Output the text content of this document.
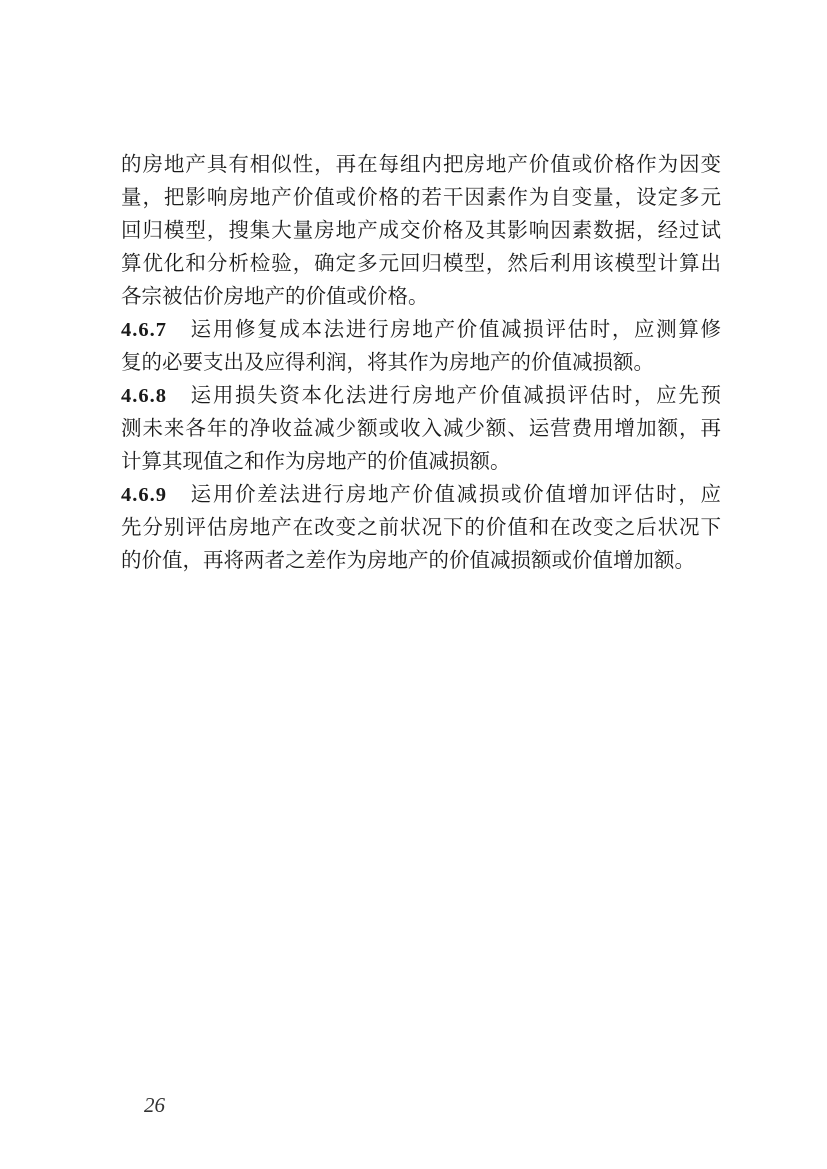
的房地产具有相似性，再在每组内把房地产价值或价格作为因变
量，把影响房地产价值或价格的若干因素作为自变量，设定多元
回归模型，搜集大量房地产成交价格及其影响因素数据，经过试
算优化和分析检验，确定多元回归模型，然后利用该模型计算出
各宗被估价房地产的价值或价格。
4.6.7 运用修复成本法进行房地产价值减损评估时，应测算修
复的必要支出及应得利润，将其作为房地产的价值减损额。
4.6.8 运用损失资本化法进行房地产价值减损评估时，应先预
测未来各年的净收益减少额或收入减少额、运营费用增加额，再
计算其现值之和作为房地产的价值减损额。
4.6.9 运用价差法进行房地产价值减损或价值增加评估时，应
先分别评估房地产在改变之前状况下的价值和在改变之后状况下
的价值，再将两者之差作为房地产的价值减损额或价值增加额。
26
